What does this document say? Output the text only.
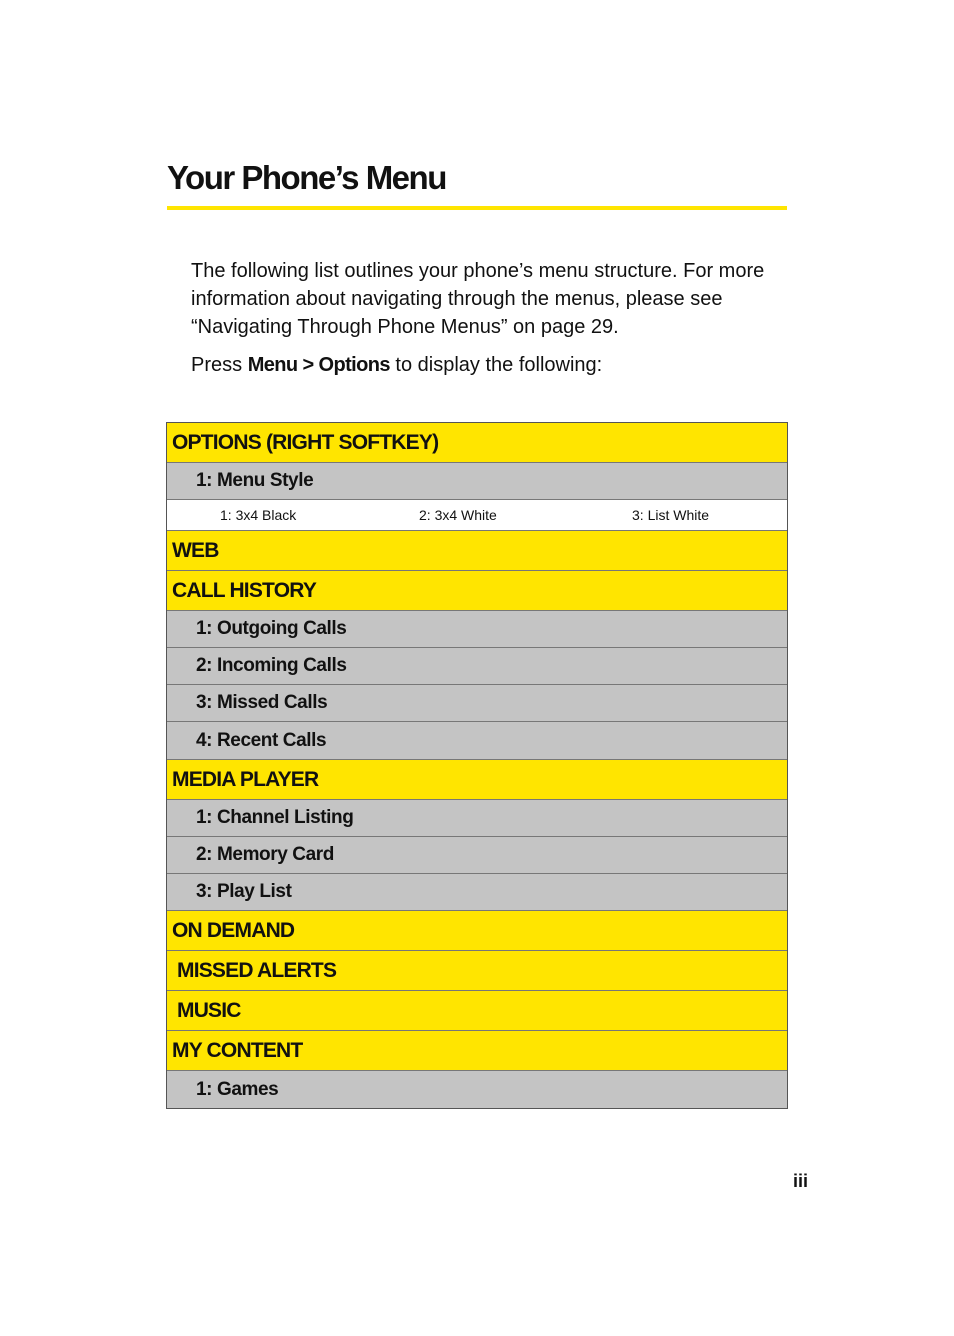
Your Phone’s Menu

The following list outlines your phone’s menu structure. For more information about navigating through the menus, please see “Navigating Through Phone Menus” on page 29.

Press Menu > Options to display the following:

OPTIONS (RIGHT SOFTKEY)
1: Menu Style
1: 3x4 Black	2: 3x4 White	3: List White
WEB
CALL HISTORY
1: Outgoing Calls
2: Incoming Calls
3: Missed Calls
4: Recent Calls
MEDIA PLAYER
1: Channel Listing
2: Memory Card
3: Play List
ON DEMAND
MISSED ALERTS
MUSIC
MY CONTENT
1: Games
iii
